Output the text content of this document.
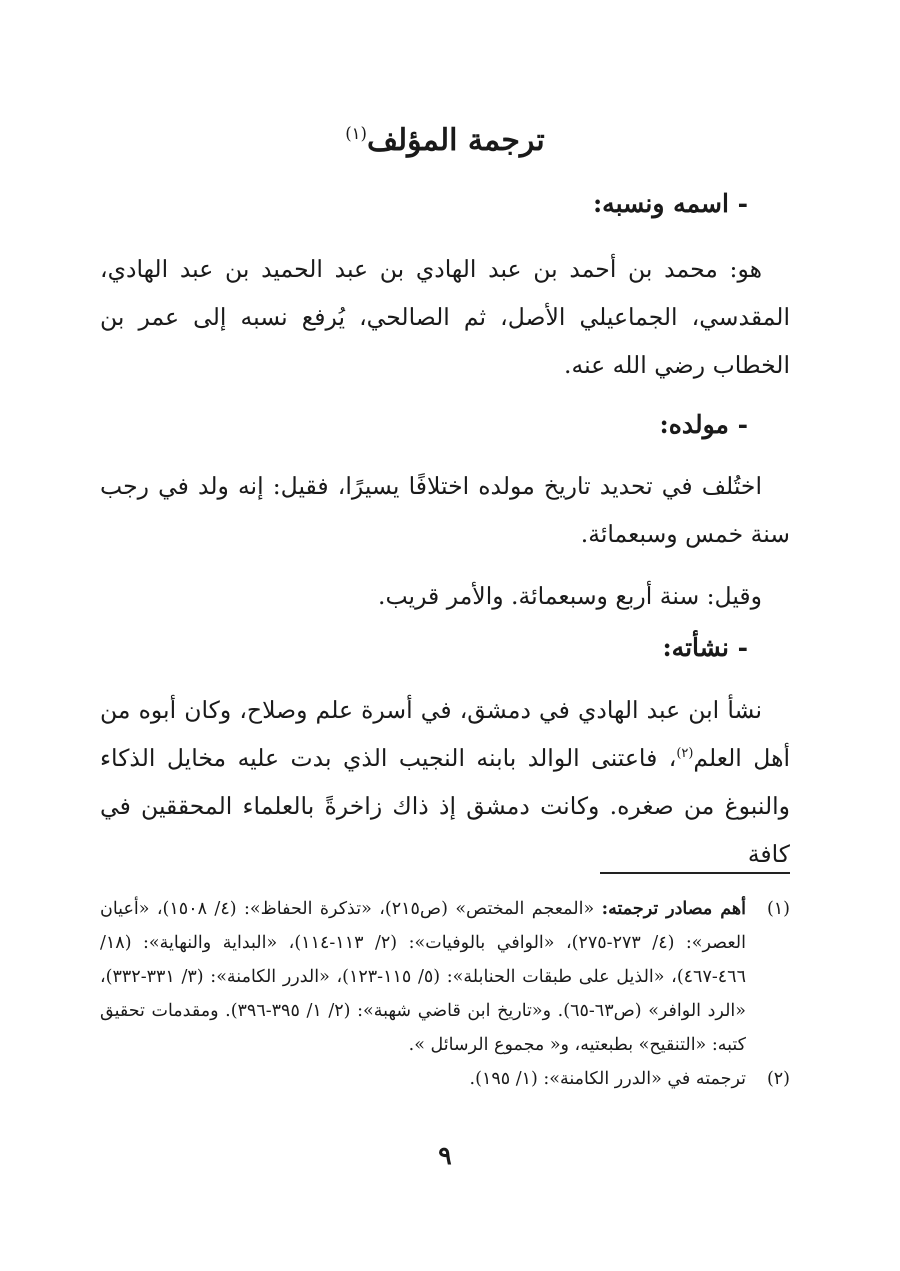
ترجمة المؤلف$^{(١)}$
- اسمه ونسبه:

هو: محمد بن أحمد بن عبد الهادي بن عبد الحميد بن عبد الهادي، المقدسي، الجماعيلي الأصل، ثم الصالحي، يُرفع نسبه إلى عمر بن الخطاب رضي الله عنه.

- مولده:

اختُلف في تحديد تاريخ مولده اختلافًا يسيرًا، فقيل: إنه ولد في رجب سنة خمس وسبعمائة.

وقيل: سنة أربع وسبعمائة. والأمر قريب.

- نشأته:

نشأ ابن عبد الهادي في دمشق، في أسرة علم وصلاح، وكان أبوه من أهل العلم$^{(٢)}$، فاعتنى الوالد بابنه النجيب الذي بدت عليه مخايل الذكاء والنبوغ من صغره. وكانت دمشق إذ ذاك زاخرةً بالعلماء المحققين في كافة

(١)
أهم مصادر ترجمته: «المعجم المختص» (ص٢١٥)، «تذكرة الحفاظ»: (٤/ ١٥٠٨)، «أعيان العصر»: (٤/ ٢٧٣-٢٧٥)، «الوافي بالوفيات»: (٢/ ١١٣-١١٤)، «البداية والنهاية»: (١٨/ ٤٦٦-٤٦٧)، «الذيل على طبقات الحنابلة»: (٥/ ١١٥-١٢٣)، «الدرر الكامنة»: (٣/ ٣٣١-٣٣٢)، «الرد الوافر» (ص٦٣-٦٥). و«تاريخ ابن قاضي شهبة»: (٢/ ١/ ٣٩٥-٣٩٦). ومقدمات تحقيق كتبه: «التنقيح» بطبعتيه، و« مجموع الرسائل ».
(٢)
ترجمته في «الدرر الكامنة»: (١/ ١٩٥).
٩
